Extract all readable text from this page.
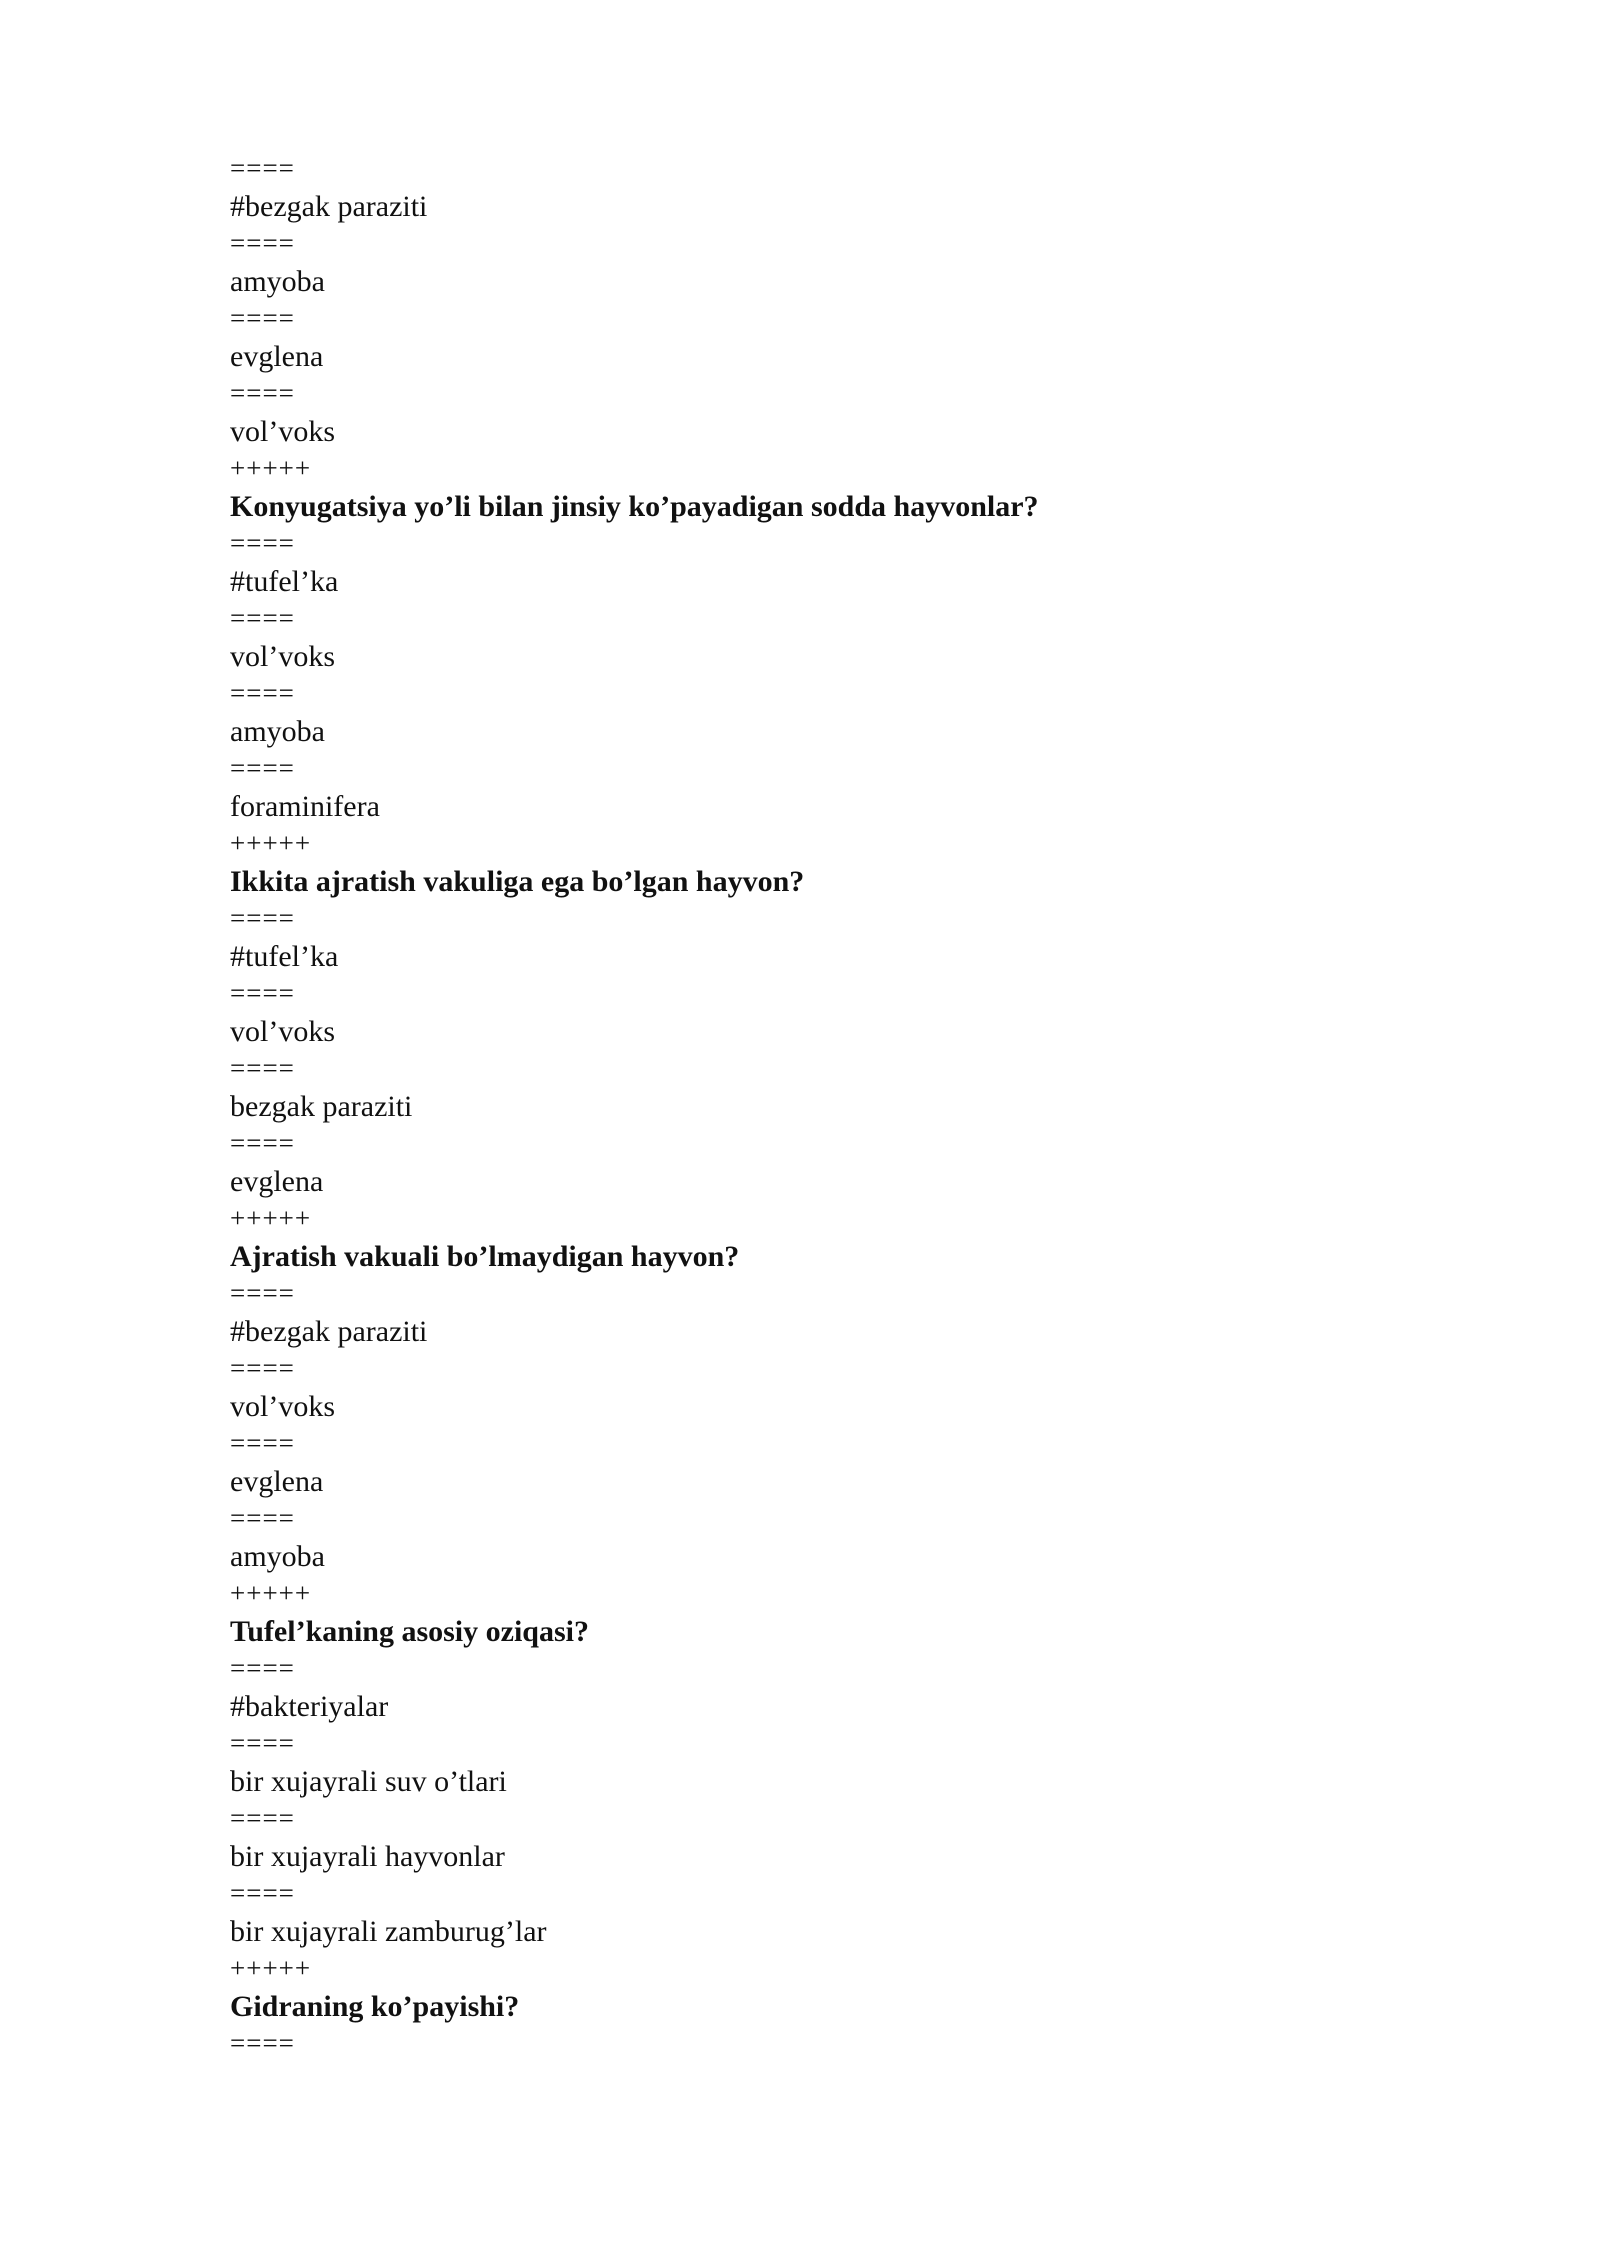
====
#bezgak paraziti
====
amyoba
====
evglena
====
vol’voks
+++++
Konyugatsiya yo’li bilan jinsiy ko’payadigan sodda hayvonlar?
====
#tufel’ka
====
vol’voks
====
amyoba
====
foraminifera
+++++
Ikkita ajratish vakuliga ega bo’lgan hayvon?
====
#tufel’ka
====
vol’voks
====
bezgak paraziti
====
evglena
+++++
Ajratish vakuali bo’lmaydigan hayvon?
====
#bezgak paraziti
====
vol’voks
====
evglena
====
amyoba
+++++
Tufel’kaning asosiy oziqasi?
====
#bakteriyalar
====
bir xujayrali suv o’tlari
====
bir xujayrali hayvonlar
====
bir xujayrali zamburug’lar
+++++
Gidraning ko’payishi?
====
